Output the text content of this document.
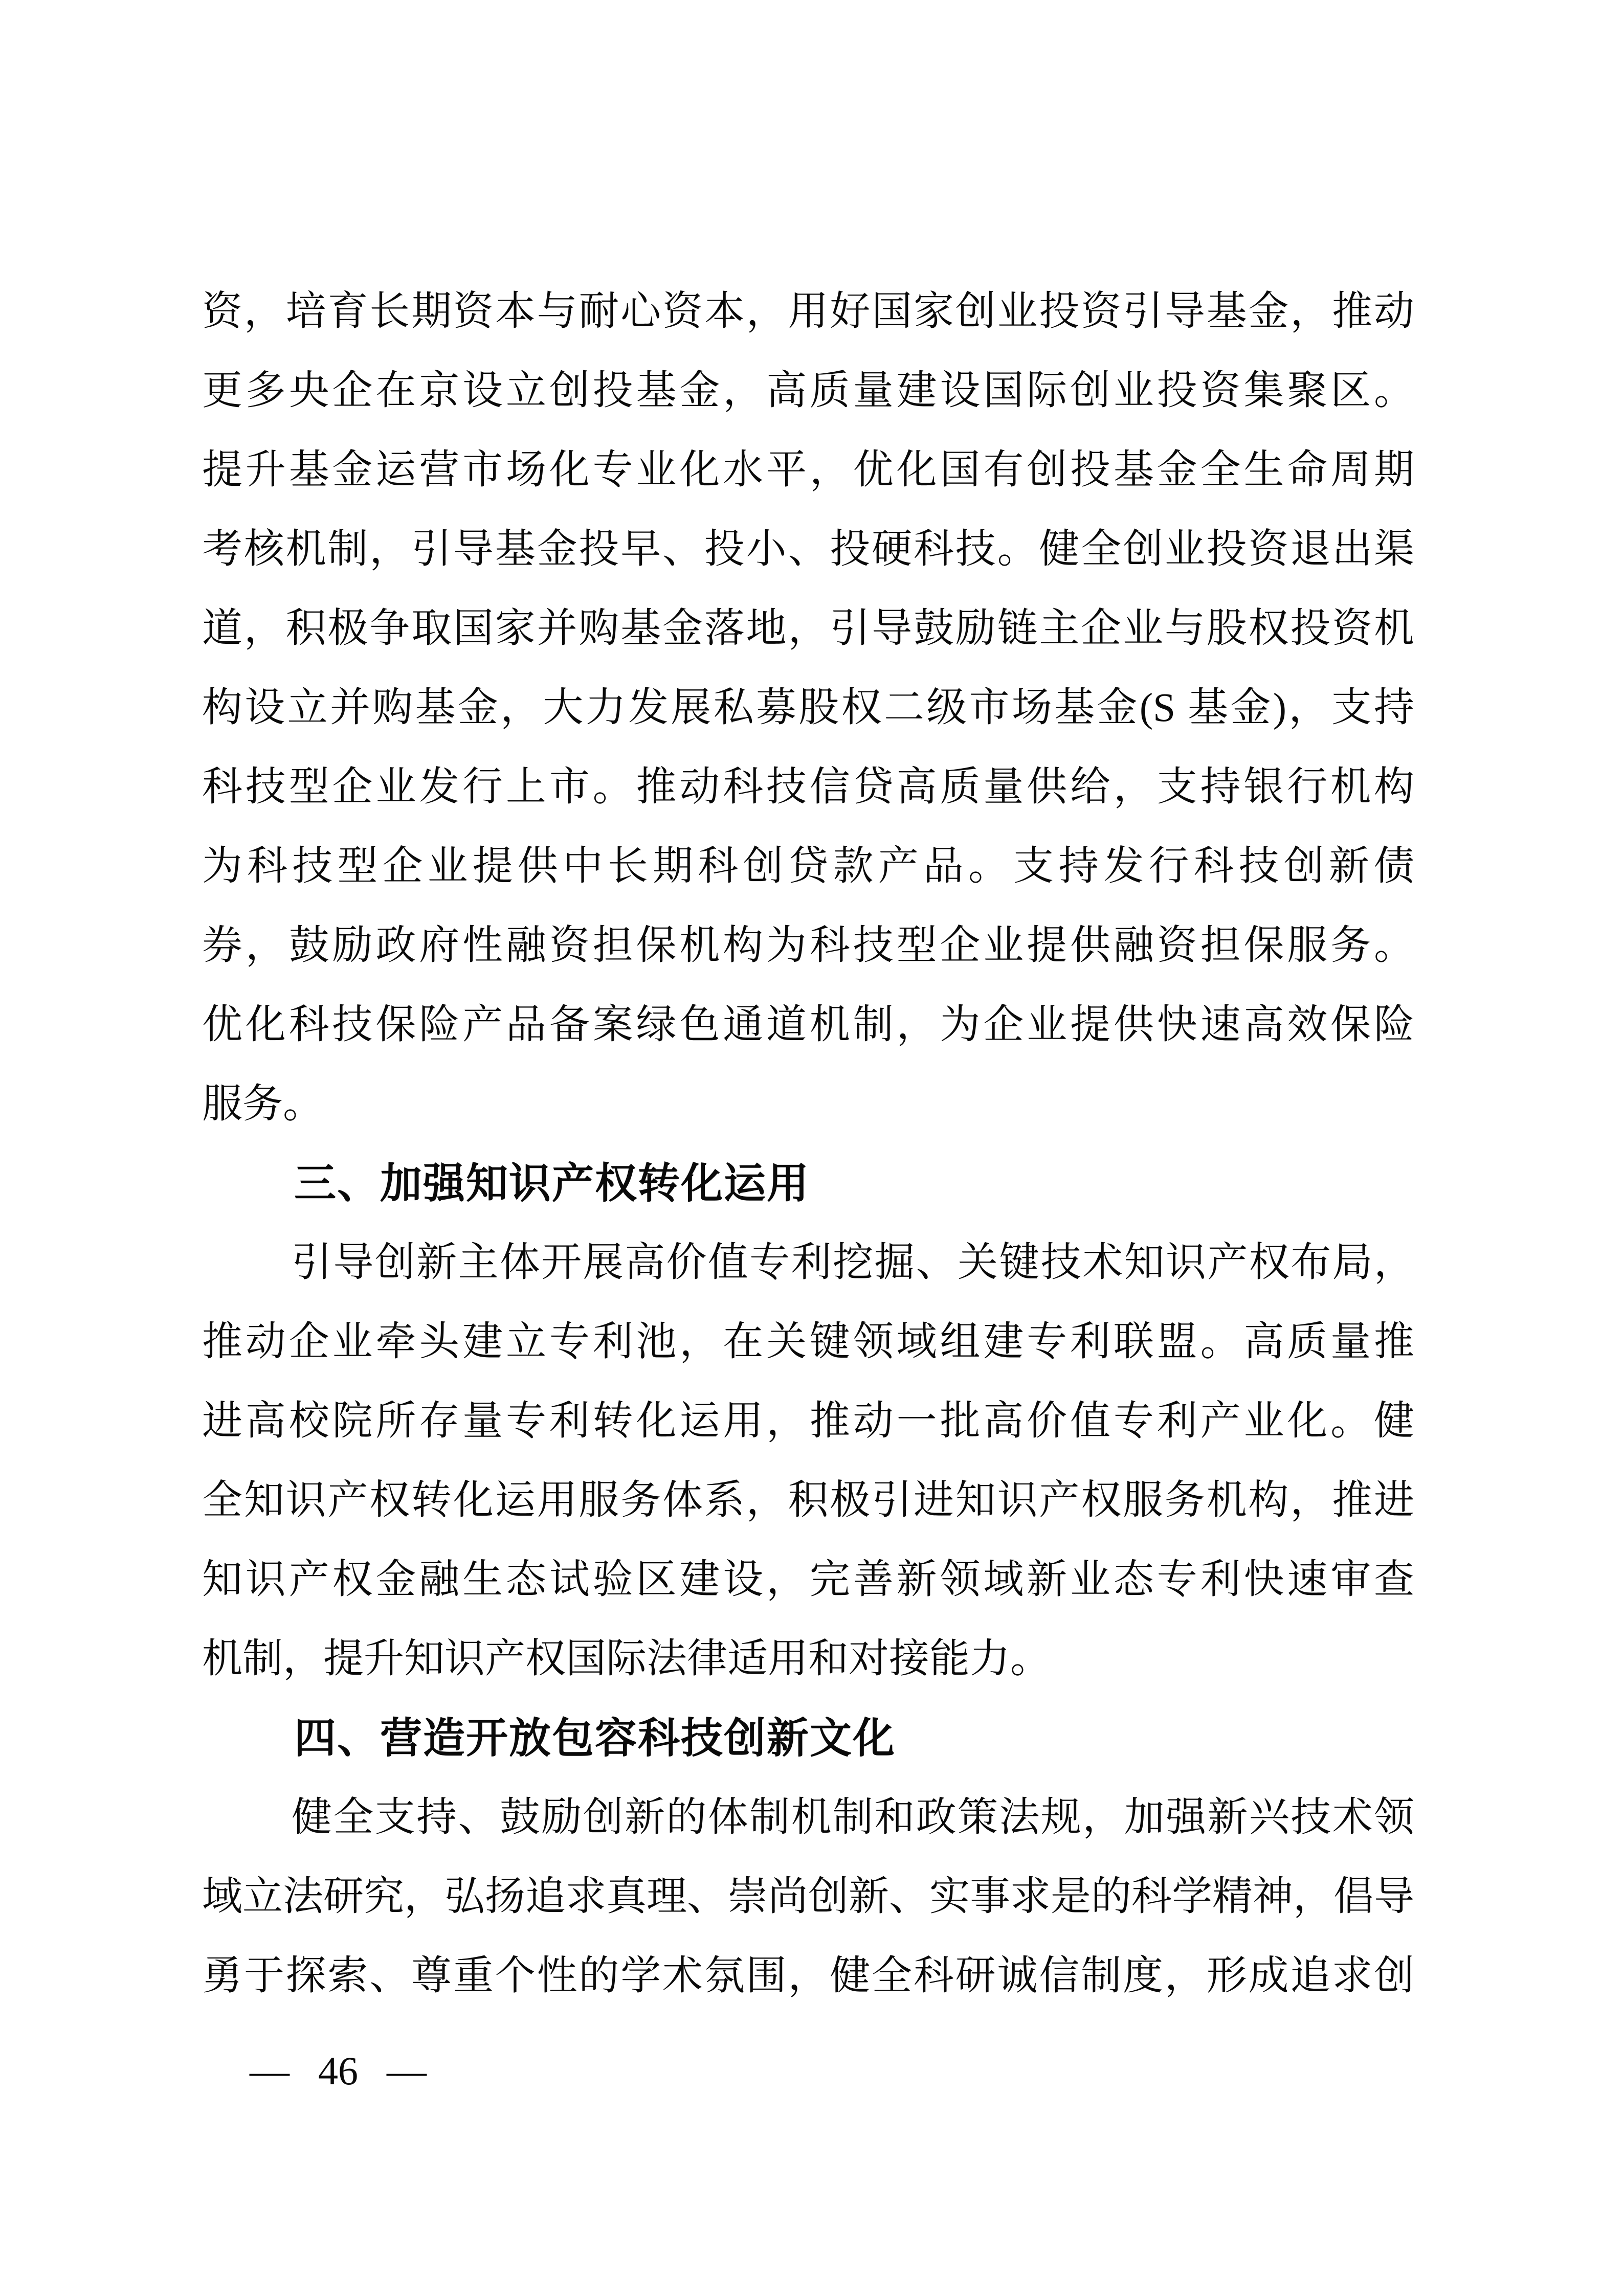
资，培育长期资本与耐心资本，用好国家创业投资引导基金，推动
更多央企在京设立创投基金，高质量建设国际创业投资集聚区。
提升基金运营市场化专业化水平，优化国有创投基金全生命周期
考核机制，引导基金投早、投小、投硬科技。健全创业投资退出渠
道，积极争取国家并购基金落地，引导鼓励链主企业与股权投资机
构设立并购基金，大力发展私募股权二级市场基金(S 基金)，支持
科技型企业发行上市。推动科技信贷高质量供给，支持银行机构
为科技型企业提供中长期科创贷款产品。支持发行科技创新债
券，鼓励政府性融资担保机构为科技型企业提供融资担保服务。
优化科技保险产品备案绿色通道机制，为企业提供快速高效保险
服务。
三、加强知识产权转化运用
引导创新主体开展高价值专利挖掘、关键技术知识产权布局，
推动企业牵头建立专利池，在关键领域组建专利联盟。高质量推
进高校院所存量专利转化运用，推动一批高价值专利产业化。健
全知识产权转化运用服务体系，积极引进知识产权服务机构，推进
知识产权金融生态试验区建设，完善新领域新业态专利快速审查
机制，提升知识产权国际法律适用和对接能力。
四、营造开放包容科技创新文化
健全支持、鼓励创新的体制机制和政策法规，加强新兴技术领
域立法研究，弘扬追求真理、崇尚创新、实事求是的科学精神，倡导
勇于探索、尊重个性的学术氛围，健全科研诚信制度，形成追求创
— 46 —
